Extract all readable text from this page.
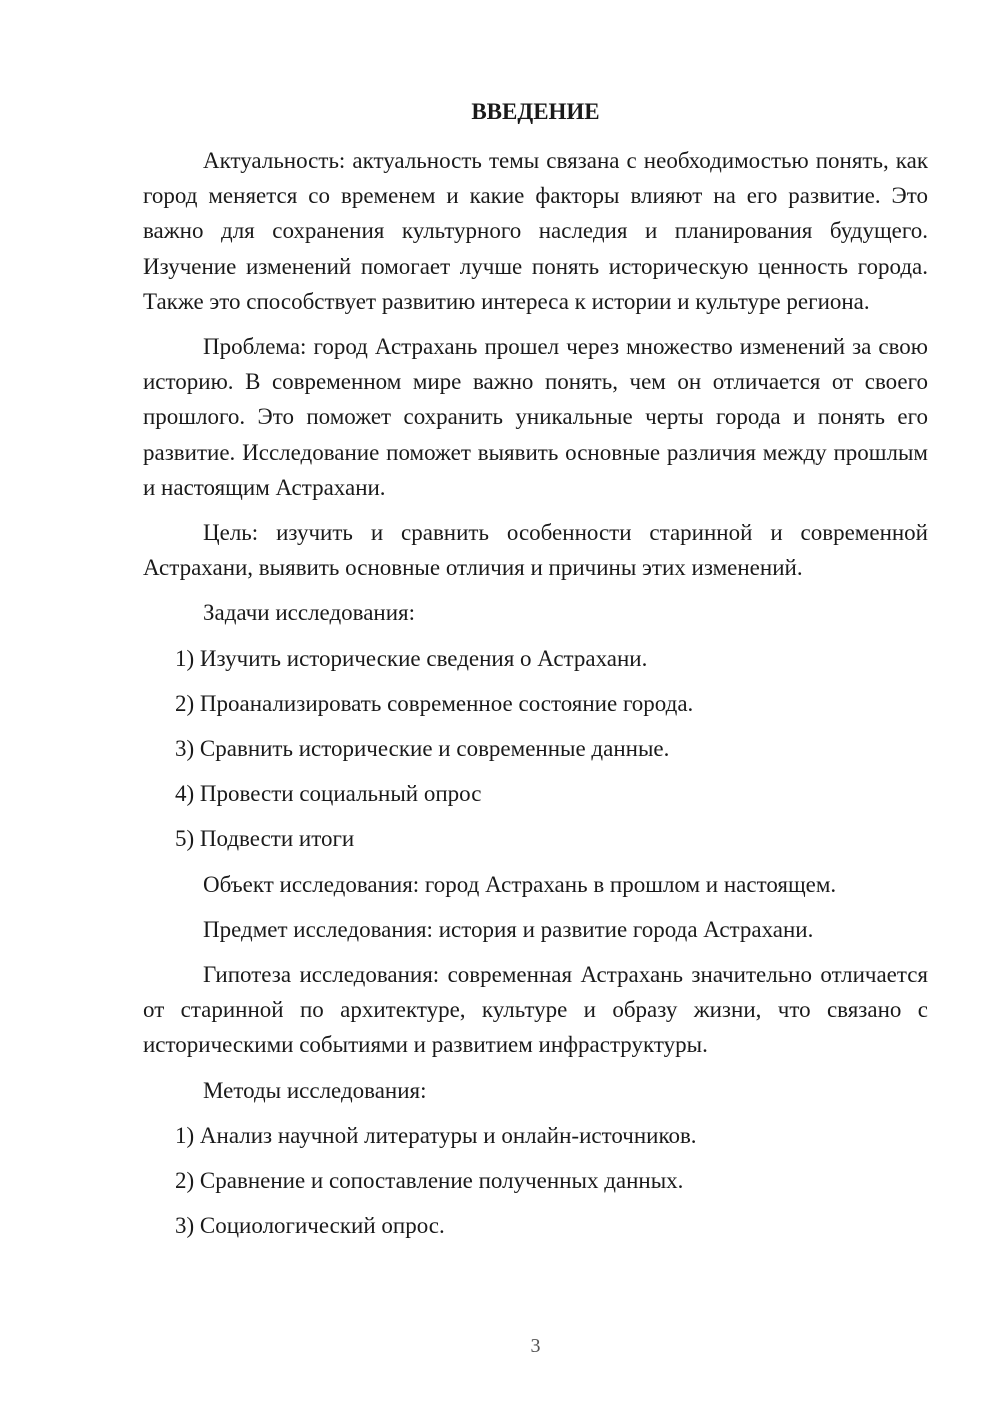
ВВЕДЕНИЕ

Актуальность: актуальность темы связана с необходимостью понять, как город меняется со временем и какие факторы влияют на его развитие. Это важно для сохранения культурного наследия и планирования будущего. Изучение изменений помогает лучше понять историческую ценность города. Также это способствует развитию интереса к истории и культуре региона.

Проблема: город Астрахань прошел через множество изменений за свою историю. В современном мире важно понять, чем он отличается от своего прошлого. Это поможет сохранить уникальные черты города и понять его развитие. Исследование поможет выявить основные различия между прошлым и настоящим Астрахани.

Цель: изучить и сравнить особенности старинной и современной Астрахани, выявить основные отличия и причины этих изменений.

Задачи исследования:

1) Изучить исторические сведения о Астрахани.

2) Проанализировать современное состояние города.

3) Сравнить исторические и современные данные.

4) Провести социальный опрос

5) Подвести итоги

Объект исследования: город Астрахань в прошлом и настоящем.

Предмет исследования: история и развитие города Астрахани.

Гипотеза исследования: современная Астрахань значительно отличается от старинной по архитектуре, культуре и образу жизни, что связано с историческими событиями и развитием инфраструктуры.

Методы исследования:

1) Анализ научной литературы и онлайн-источников.

2) Сравнение и сопоставление полученных данных.

3) Социологический опрос.

3
